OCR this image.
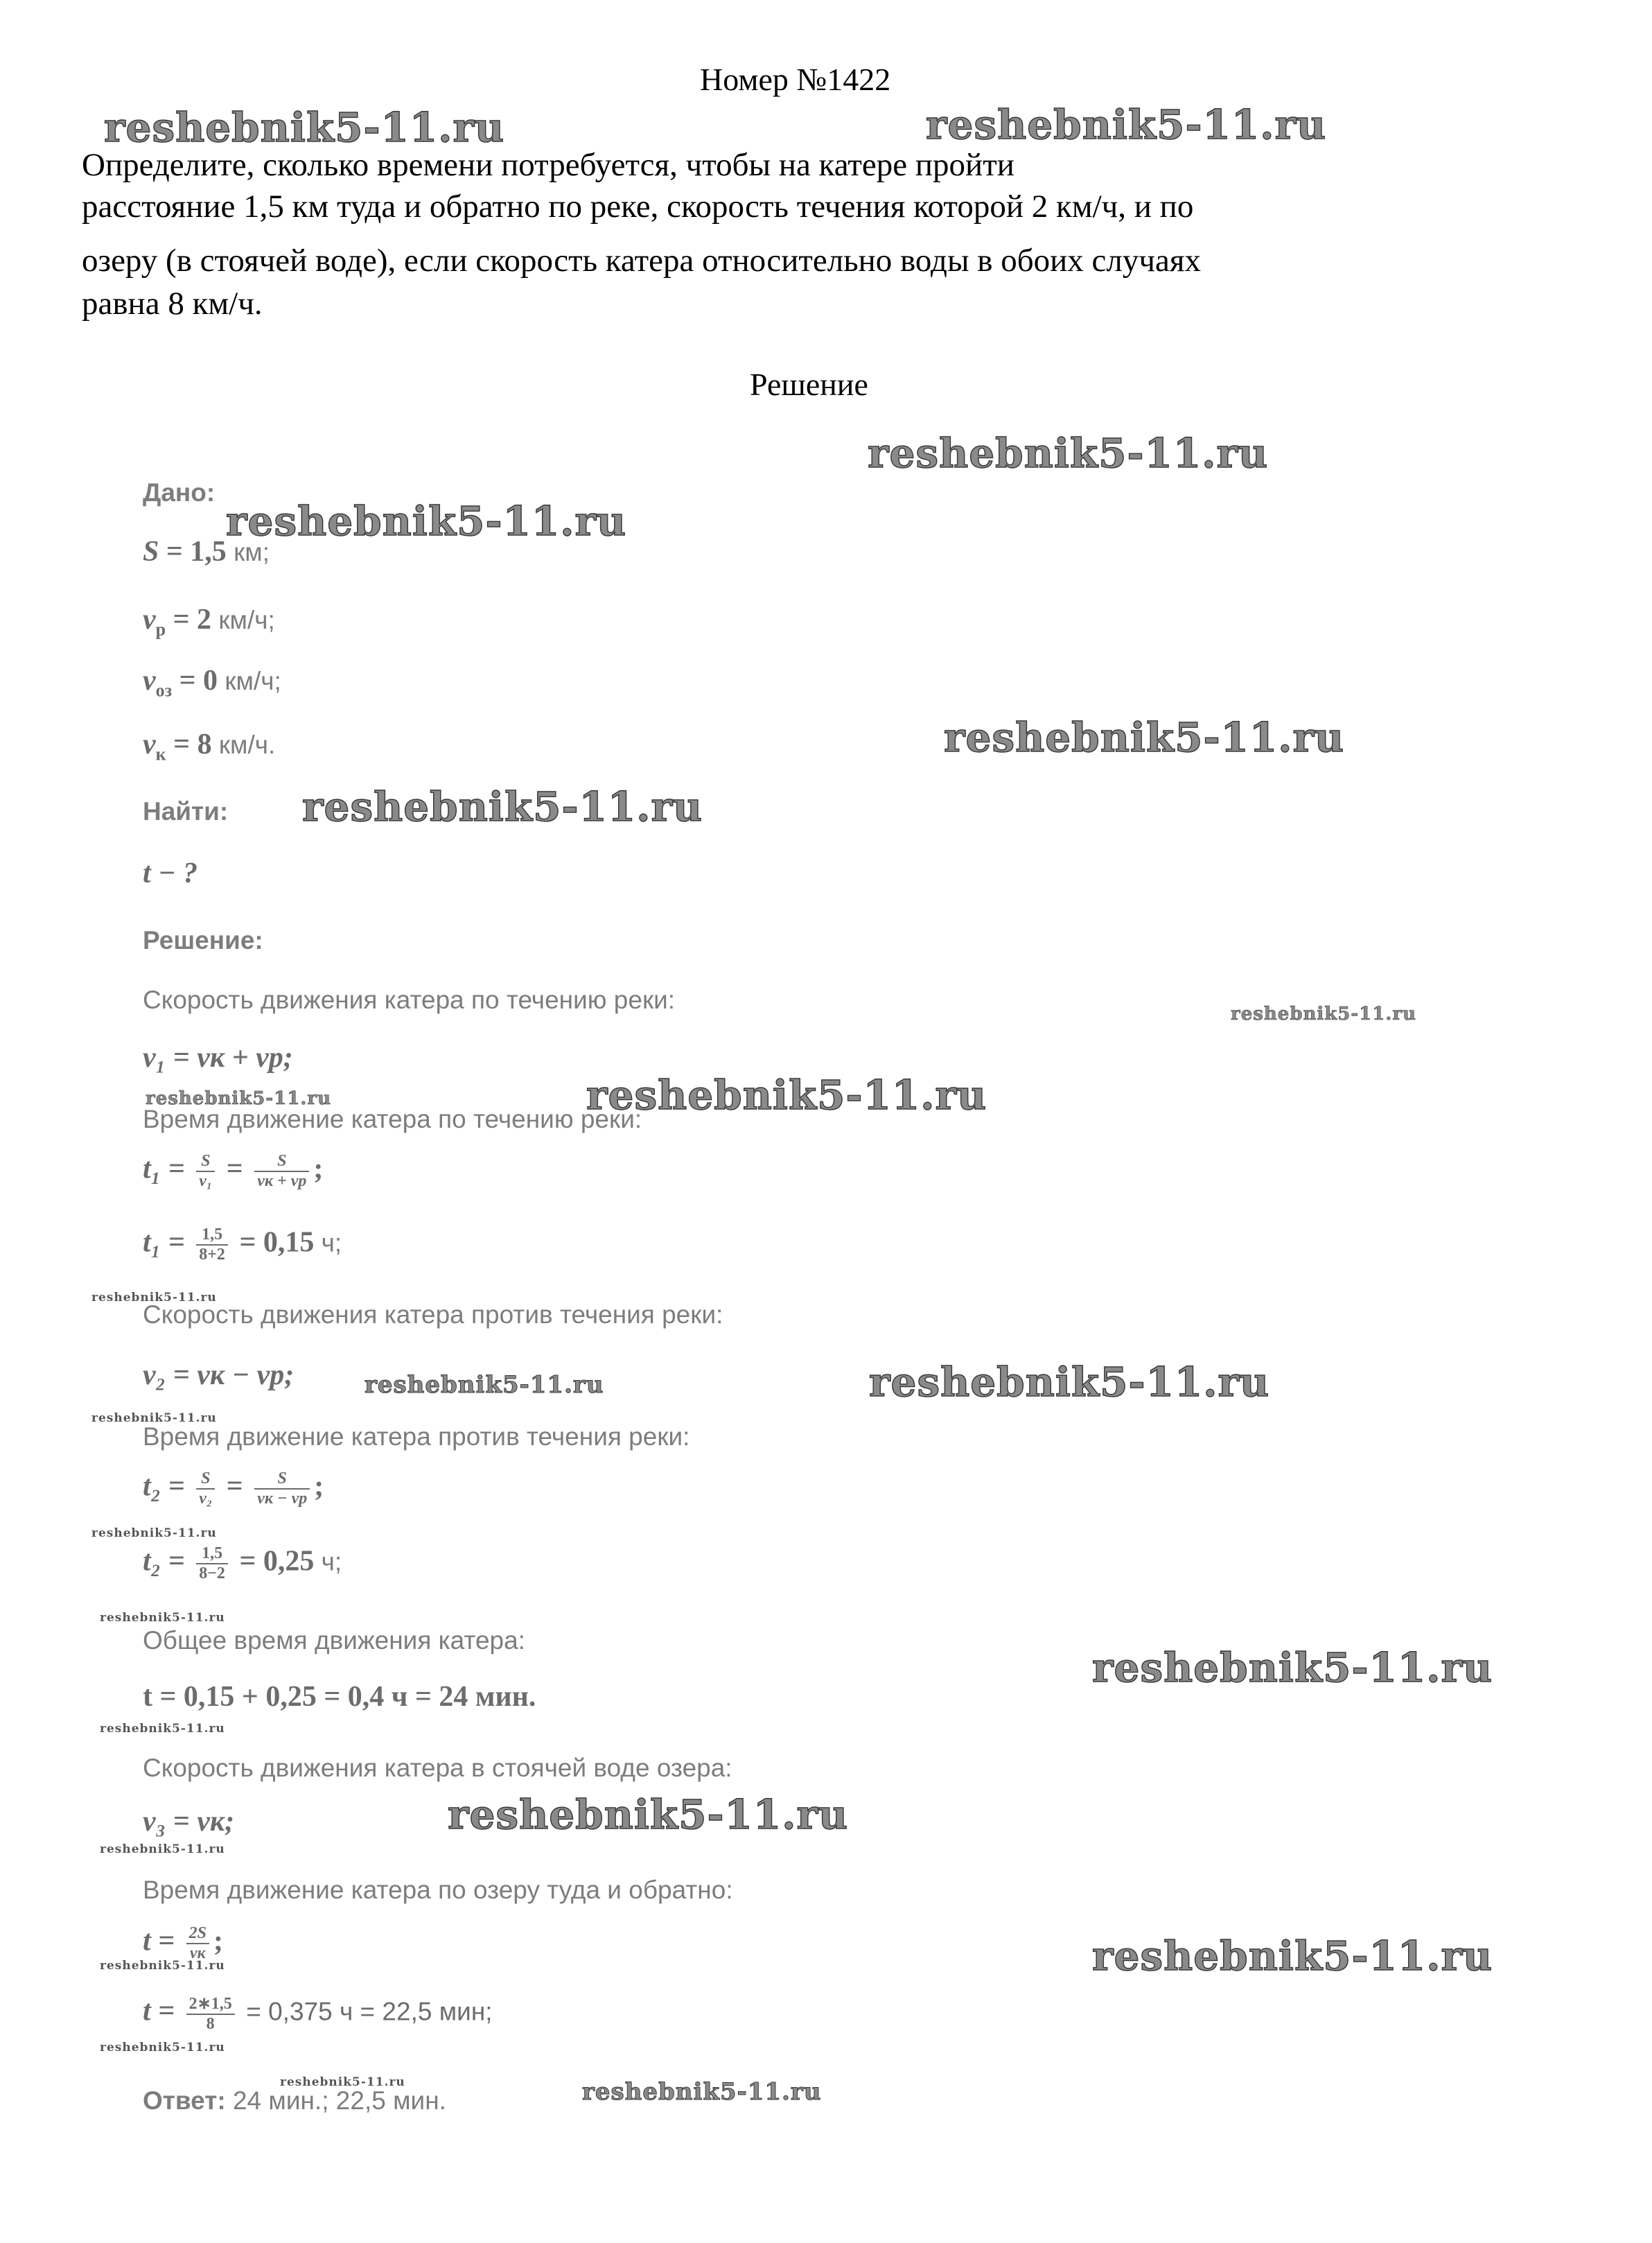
Номер №1422
Определите, сколько времени потребуется, чтобы на катере пройти
расстояние 1,5 км туда и обратно по реке, скорость течения которой 2 км/ч, и по
озеру (в стоячей воде), если скорость катера относительно воды в обоих случаях
равна 8 км/ч.
Решение
Дано:
S = 1,5 км;
$v_р = 2$ км/ч;
$v_{оз} = 0$ км/ч;
$v_к = 8$ км/ч.
Найти:
t − ?
Решение:
Скорость движения катера по течению реки:
v₁ = vк + vр;
Время движение катера по течению реки:
$t_1 = \frac{S}{\text{v₁}} = \frac{S}{vк + vр}$ ;
$t_1 = \frac{1,5}{8+2} = 0,15$ ч;
Скорость движения катера против течения реки:
v₂ = vк − vр;
Время движение катера против течения реки:
$t_2 = \frac{S}{\text{v₂}} = \frac{S}{vк - vр}$ ;
$t_2 = \frac{1,5}{8-2} = 0,25$ ч;
Общее время движения катера:
t = 0,15 + 0,25 = 0,4 ч = 24 мин.
Скорость движения катера в стоячей воде озера:
v₃ = vк;
Время движение катера по озеру туда и обратно:
$t = \frac{2S}{vк}$ ;
$t = \frac{2∗1,5}{8} = 0,375$ ч = 22,5 мин;
Ответ: 24 мин.; 22,5 мин.
reshebnik5-11.ru	reshebnik5-11.ru
reshebnik5-11.ru
reshebnik5-11.ru
reshebnik5-11.ru
reshebnik5-11.ru
reshebnik5-11.ru
reshebnik5-11.ru
reshebnik5-11.ru
reshebnik5-11.ru
reshebnik5-11.ru
reshebnik5-11.ru
reshebnik5-11.ru
reshebnik5-11.ru
reshebnik5-11.ru
reshebnik5-11.ru
reshebnik5-11.ru
reshebnik5-11.ru
reshebnik5-11.ru
reshebnik5-11.ru
reshebnik5-11.ru
reshebnik5-11.ru
reshebnik5-11.ru	reshebnik5-11.ru
